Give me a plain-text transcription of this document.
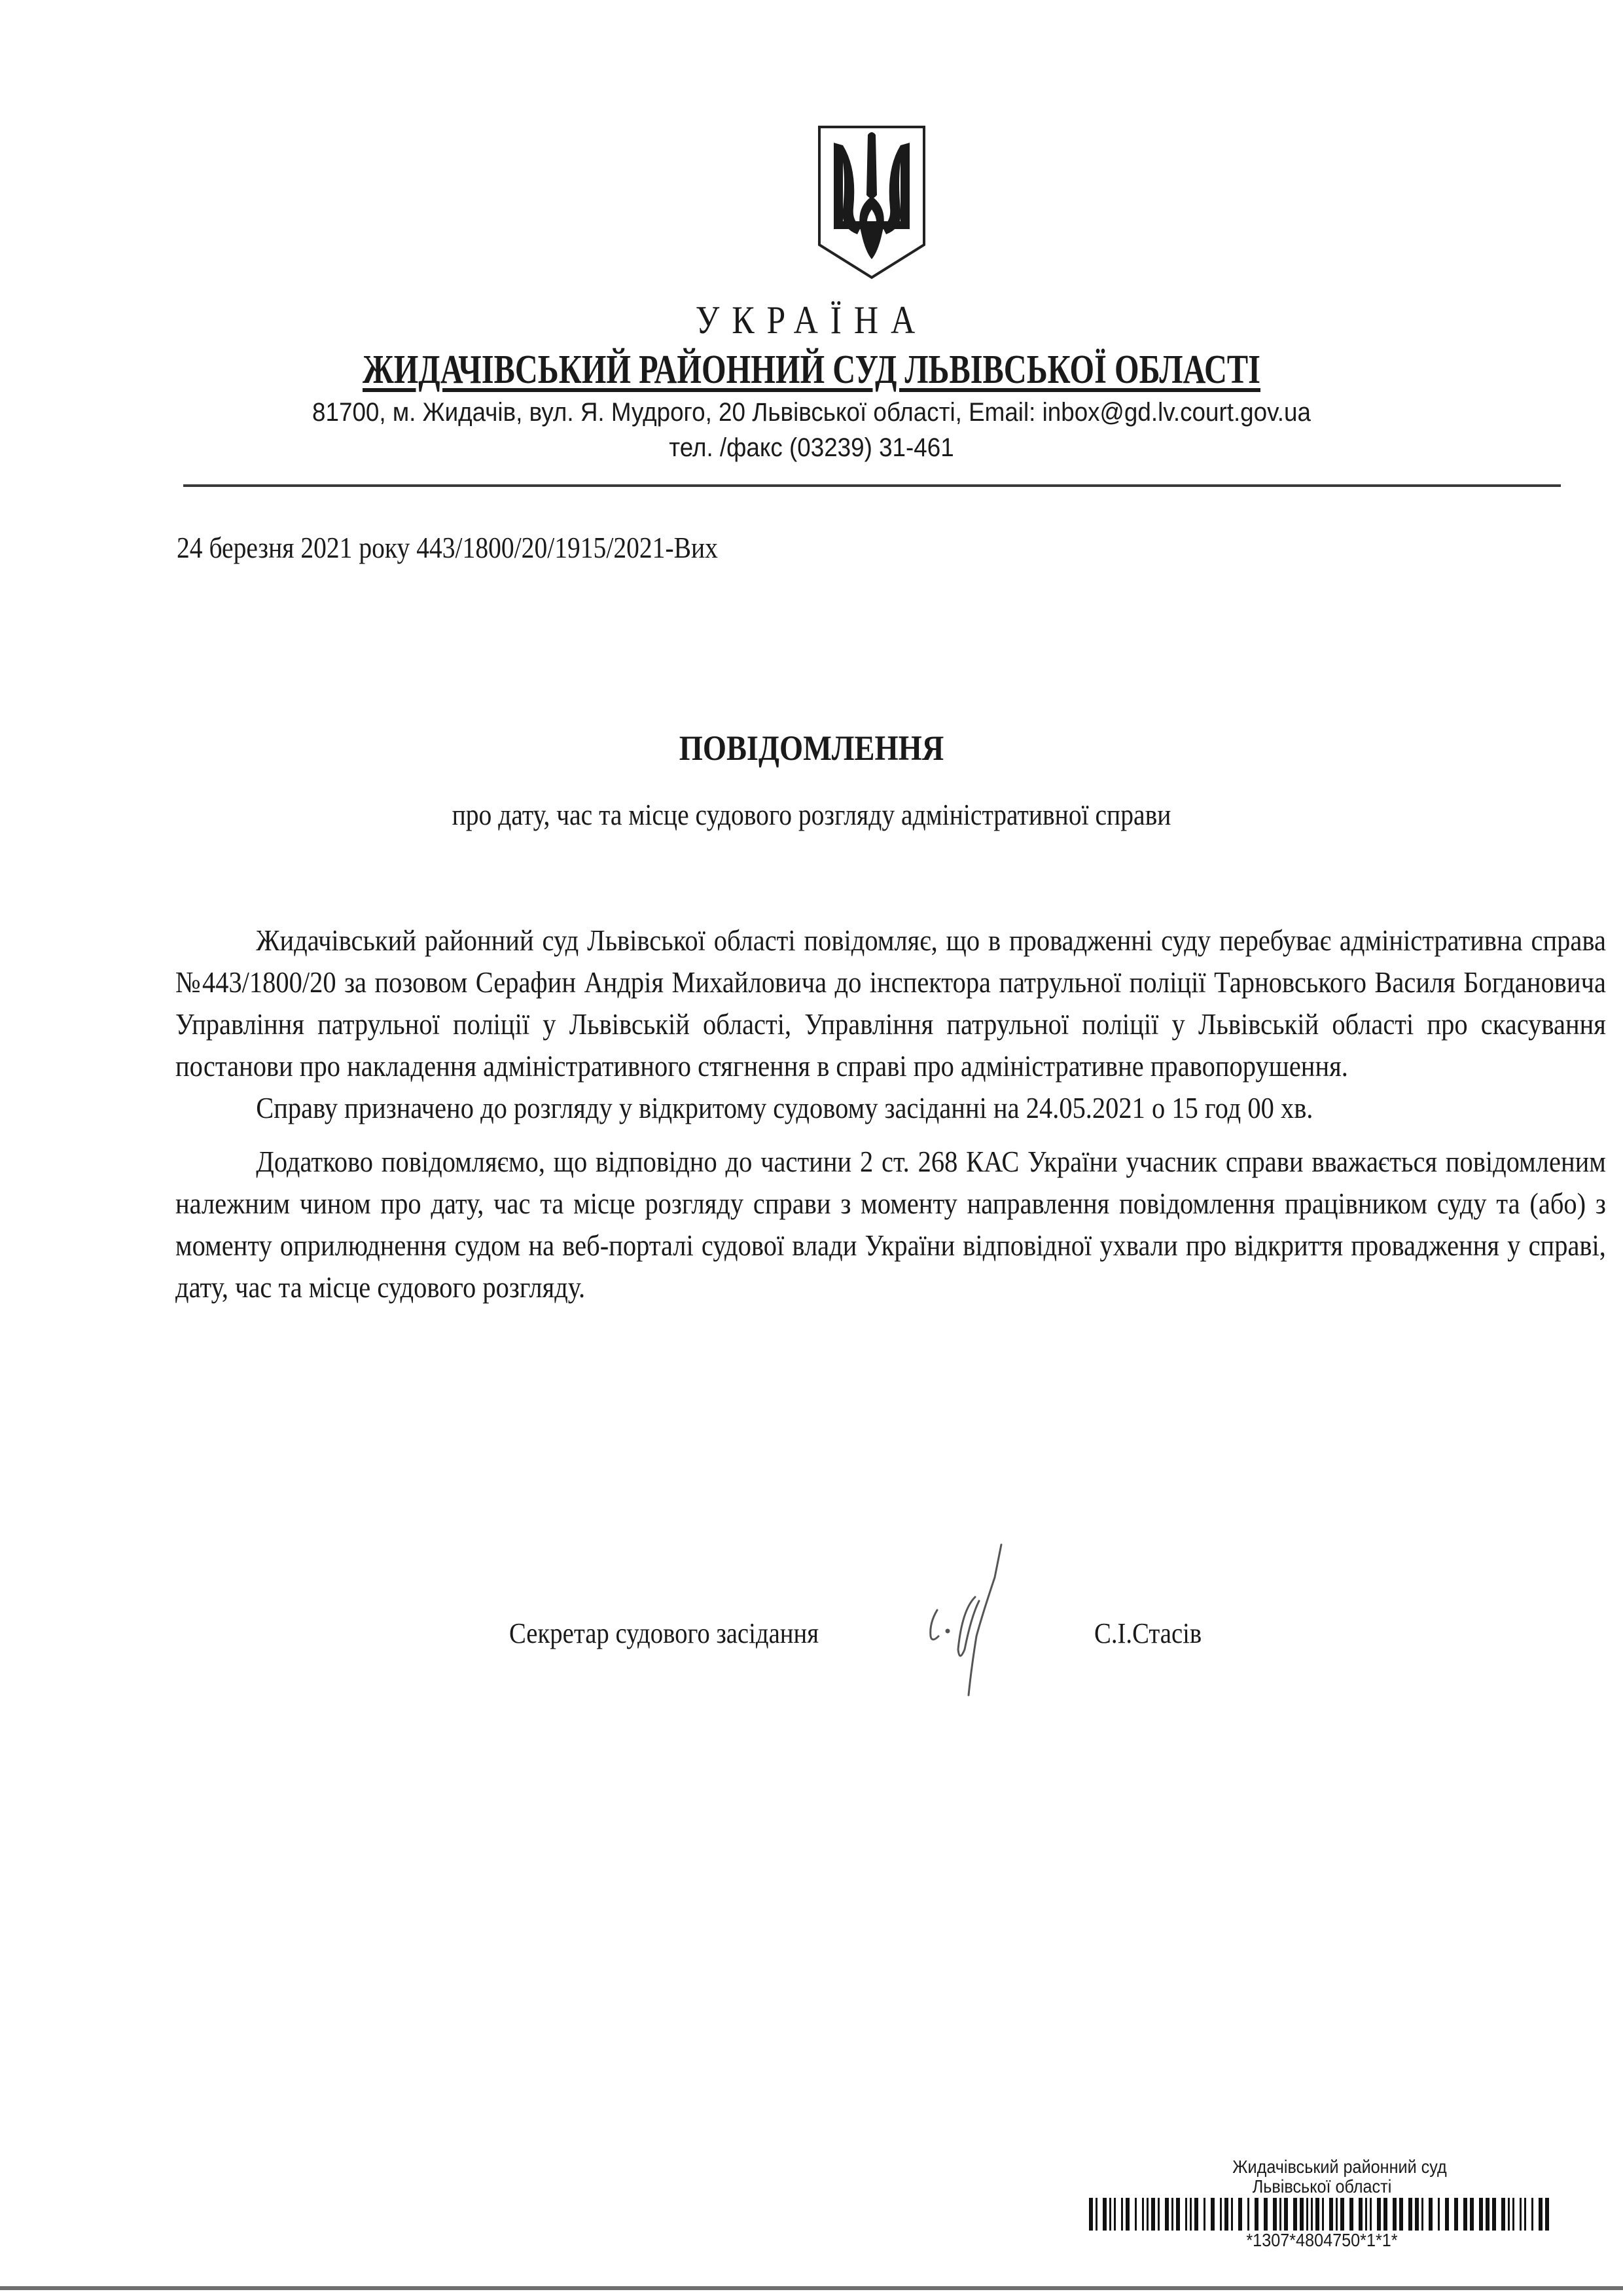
УКРАЇНА
ЖИДАЧІВСЬКИЙ РАЙОННИЙ СУД ЛЬВІВСЬКОЇ ОБЛАСТІ
81700, м. Жидачів, вул. Я. Мудрого, 20 Львівської області, Email: inbox@gd.lv.court.gov.ua
тел. /факс (03239) 31-461
24 березня 2021 року 443/1800/20/1915/2021-Вих
ПОВІДОМЛЕННЯ
про дату, час та місце судового розгляду адміністративної справи

Жидачівський районний суд Львівської області повідомляє, що в провадженні суду перебуває адміністративна справа №443/1800/20 за позовом Серафин Андрія Михайловича до інспектора патрульної поліції Тарновського Василя Богдановича Управління патрульної поліції у Львівській області, Управління патрульної поліції у Львівській області про скасування постанови про накладення адміністративного стягнення в справі про адміністративне правопорушення.

Справу призначено до розгляду у відкритому судовому засіданні на 24.05.2021 о 15 год 00 хв.

Додатково повідомляємо, що відповідно до частини 2 ст. 268 КАС України учасник справи вважається повідомленим належним чином про дату, час та місце розгляду справи з моменту направлення повідомлення працівником суду та (або) з моменту оприлюднення судом на веб-порталі судової влади України відповідної ухвали про відкриття провадження у справі, дату, час та місце судового розгляду.

Секретар судового засідання	С.І.Стасів
Жидачівський районний суд
Львівської області
*1307*4804750*1*1*
